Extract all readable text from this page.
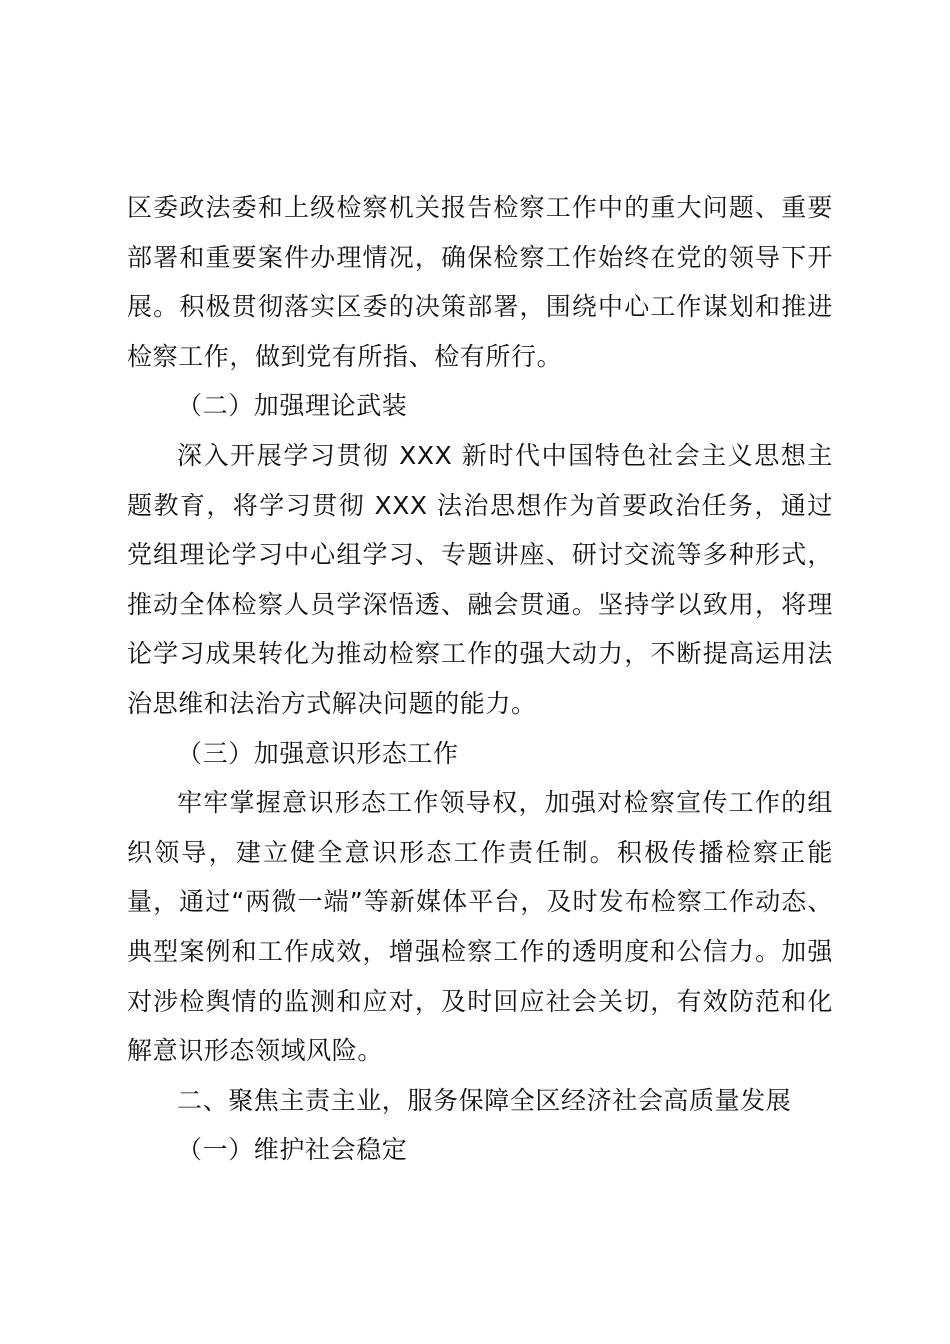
区委政法委和上级检察机关报告检察工作中的重大问题、重要部署和重要案件办理情况，确保检察工作始终在党的领导下开展。积极贯彻落实区委的决策部署，围绕中心工作谋划和推进检察工作，做到党有所指、检有所行。

（二）加强理论武装

深入开展学习贯彻 XXX 新时代中国特色社会主义思想主题教育，将学习贯彻 XXX 法治思想作为首要政治任务，通过党组理论学习中心组学习、专题讲座、研讨交流等多种形式，推动全体检察人员学深悟透、融会贯通。坚持学以致用，将理论学习成果转化为推动检察工作的强大动力，不断提高运用法治思维和法治方式解决问题的能力。

（三）加强意识形态工作

牢牢掌握意识形态工作领导权，加强对检察宣传工作的组织领导，建立健全意识形态工作责任制。积极传播检察正能量，通过“两微一端”等新媒体平台，及时发布检察工作动态、典型案例和工作成效，增强检察工作的透明度和公信力。加强对涉检舆情的监测和应对，及时回应社会关切，有效防范和化解意识形态领域风险。

二、聚焦主责主业，服务保障全区经济社会高质量发展

（一）维护社会稳定
